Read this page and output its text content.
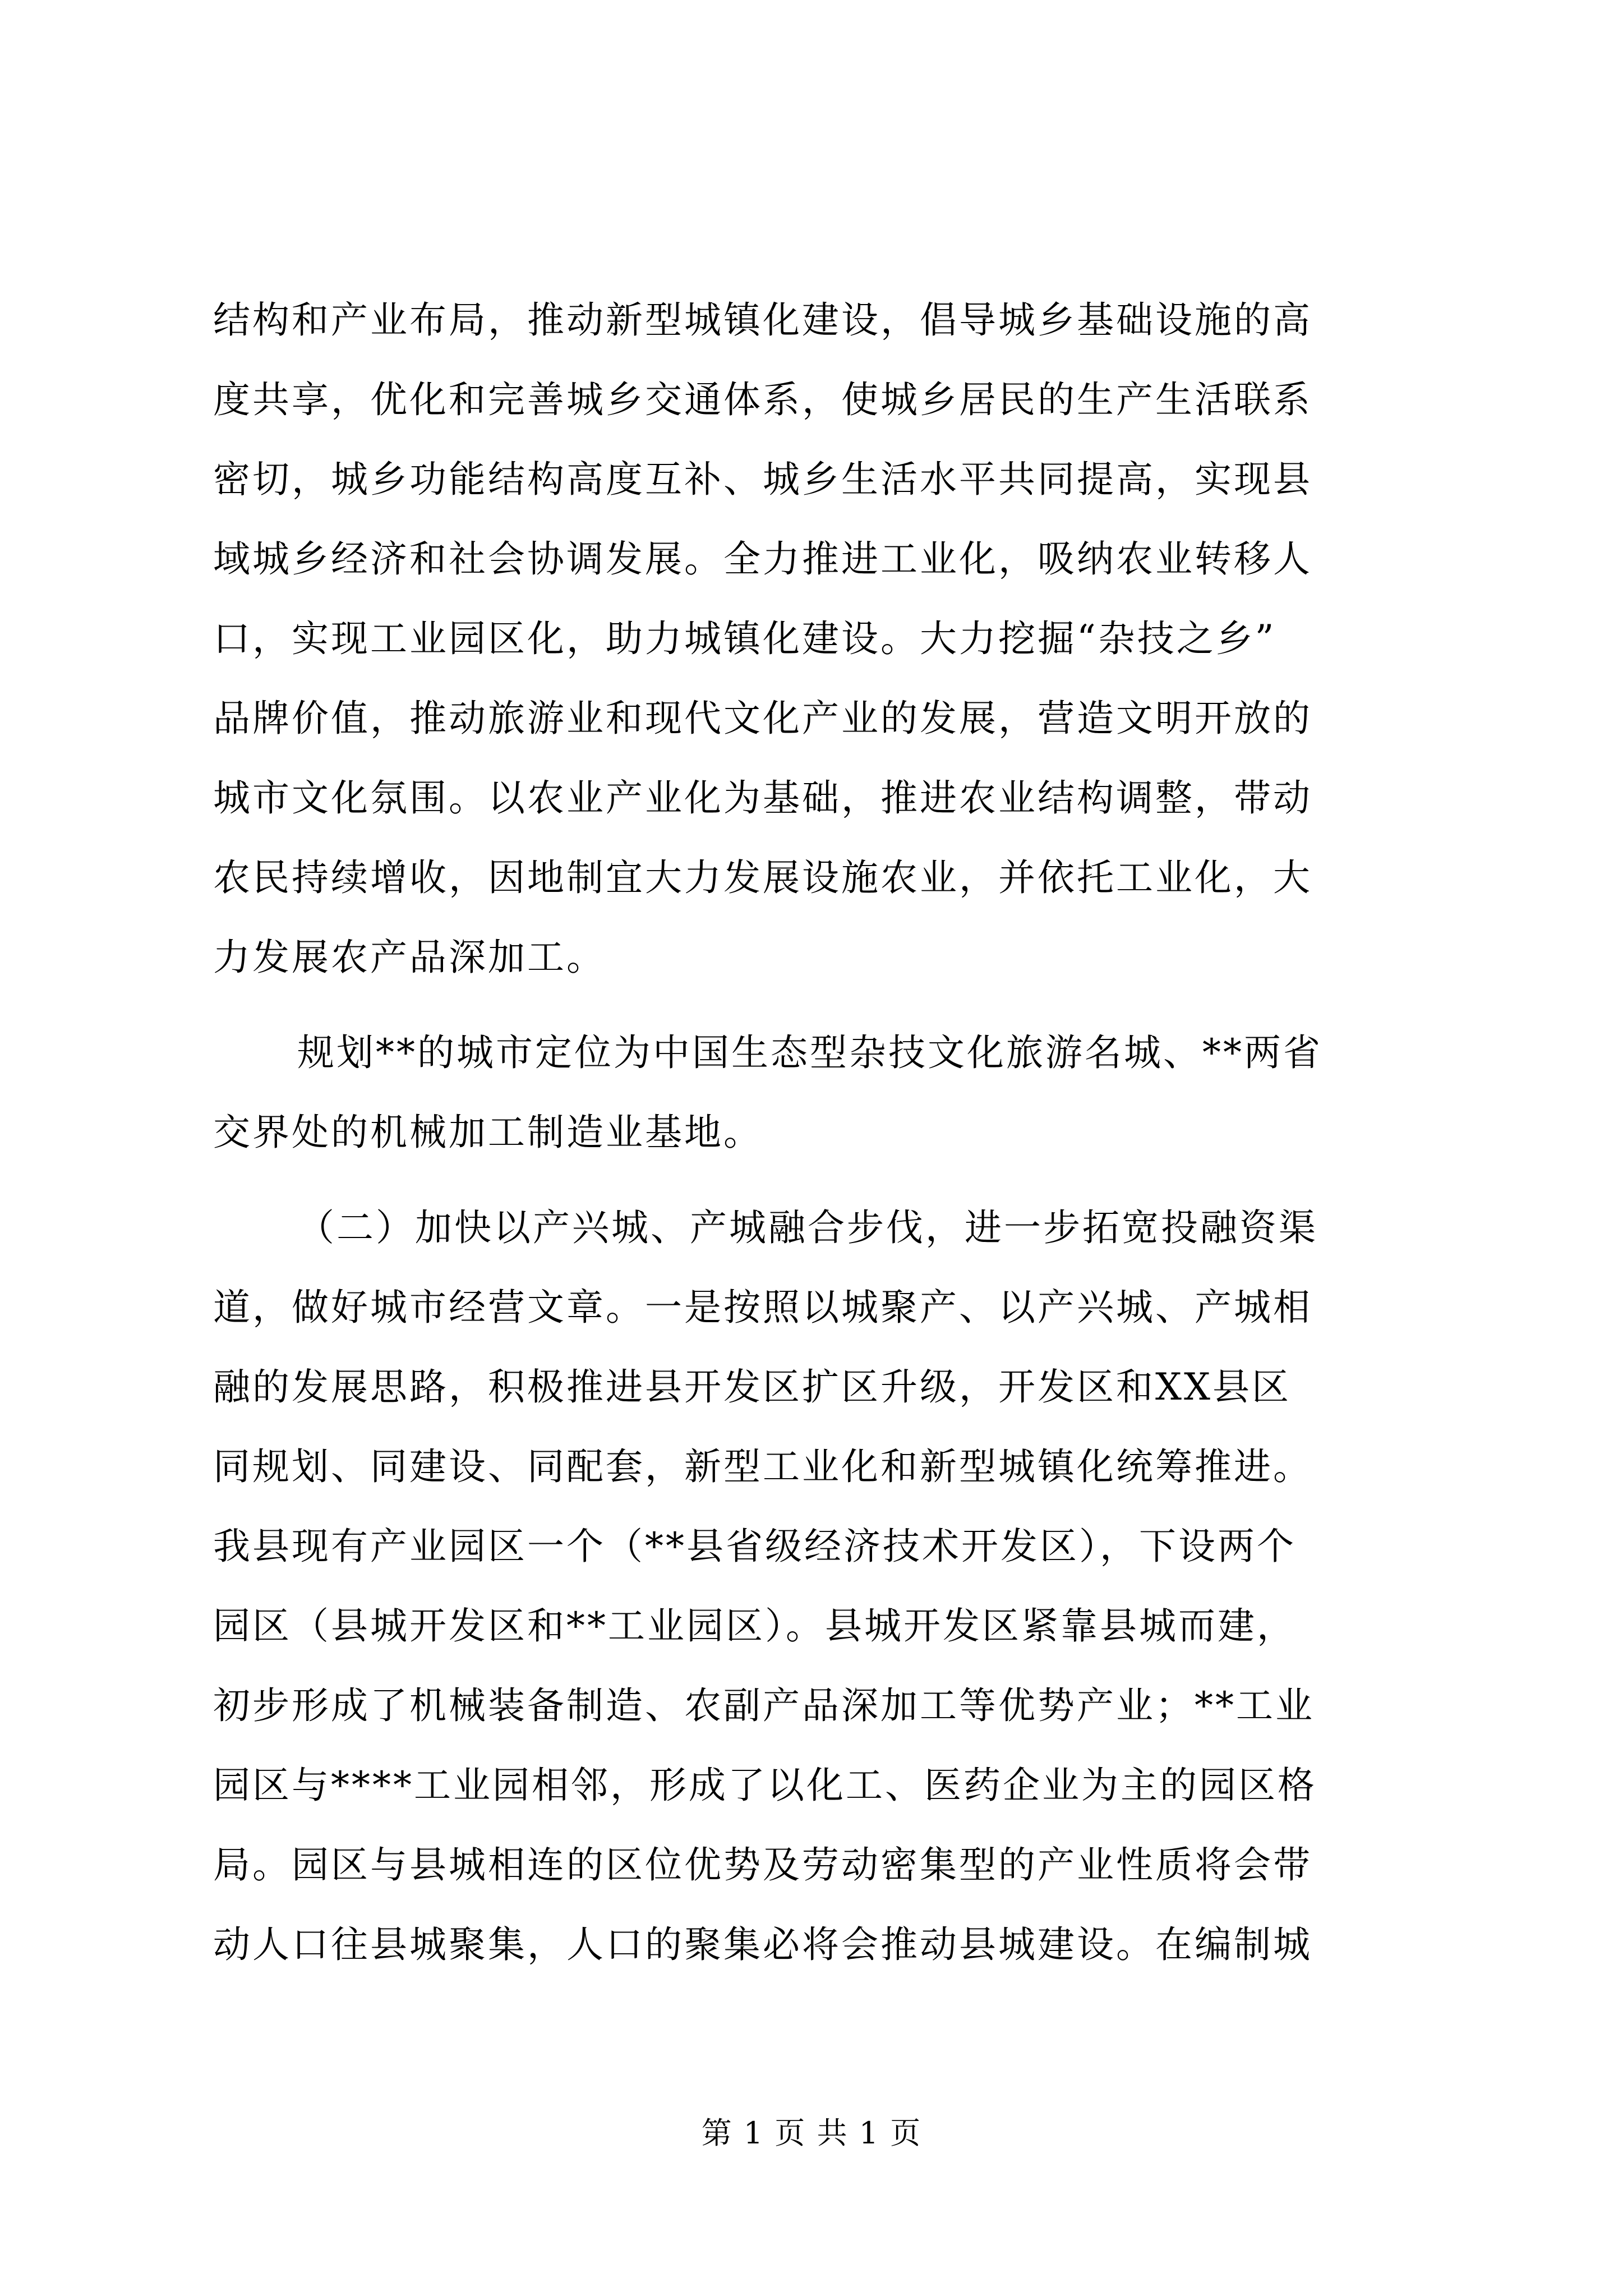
结构和产业布局，推动新型城镇化建设，倡导城乡基础设施的高
度共享，优化和完善城乡交通体系，使城乡居民的生产生活联系
密切，城乡功能结构高度互补、城乡生活水平共同提高，实现县
域城乡经济和社会协调发展。全力推进工业化，吸纳农业转移人
口，实现工业园区化，助力城镇化建设。大力挖掘“杂技之乡”
品牌价值，推动旅游业和现代文化产业的发展，营造文明开放的
城市文化氛围。以农业产业化为基础，推进农业结构调整，带动
农民持续增收，因地制宜大力发展设施农业，并依托工业化，大
力发展农产品深加工。
规划**的城市定位为中国生态型杂技文化旅游名城、**两省
交界处的机械加工制造业基地。
（二）加快以产兴城、产城融合步伐，进一步拓宽投融资渠
道，做好城市经营文章。一是按照以城聚产、以产兴城、产城相
融的发展思路，积极推进县开发区扩区升级，开发区和XX县区
同规划、同建设、同配套，新型工业化和新型城镇化统筹推进。
我县现有产业园区一个（**县省级经济技术开发区），下设两个
园区（县城开发区和**工业园区）。县城开发区紧靠县城而建，
初步形成了机械装备制造、农副产品深加工等优势产业；**工业
园区与****工业园相邻，形成了以化工、医药企业为主的园区格
局。园区与县城相连的区位优势及劳动密集型的产业性质将会带
动人口往县城聚集，人口的聚集必将会推动县城建设。在编制城
第 1 页 共 1 页
